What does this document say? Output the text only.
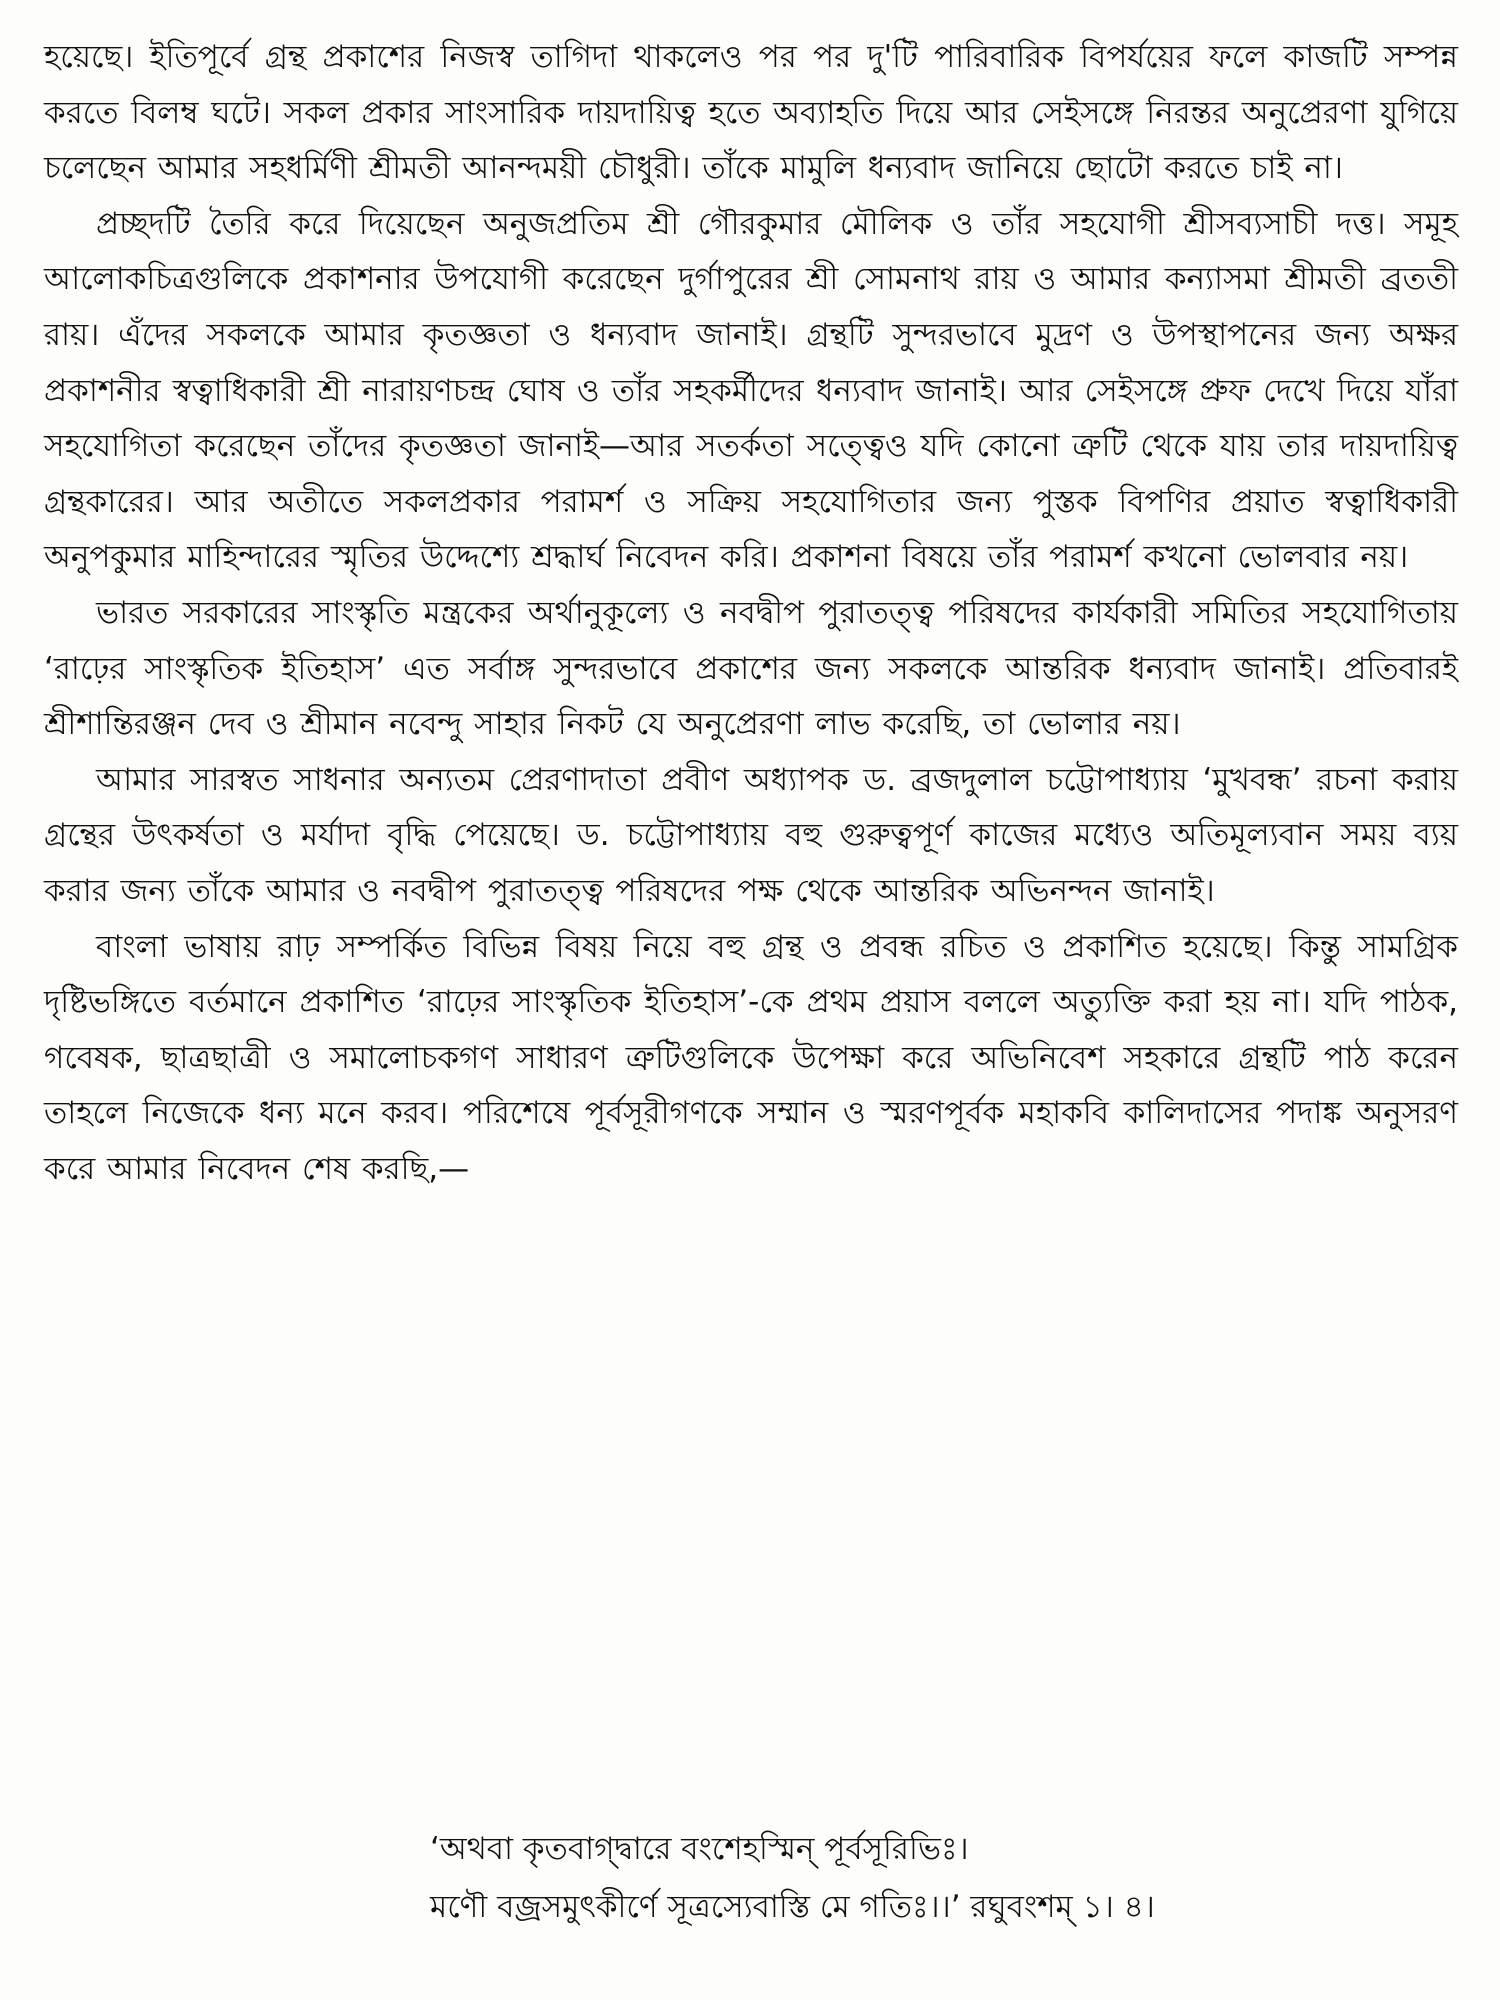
হয়েছে। ইতিপূর্বে গ্রন্থ প্রকাশের নিজস্ব তাগিদা থাকলেও পর পর দু'টি পারিবারিক বিপর্যয়ের ফলে কাজটি সম্পন্ন করতে বিলম্ব ঘটে। সকল প্রকার সাংসারিক দায়দায়িত্ব হতে অব্যাহতি দিয়ে আর সেইসঙ্গে নিরন্তর অনুপ্রেরণা যুগিয়ে চলেছেন আমার সহধর্মিণী শ্রীমতী আনন্দময়ী চৌধুরী। তাঁকে মামুলি ধন্যবাদ জানিয়ে ছোটো করতে চাই না।

প্রচ্ছদটি তৈরি করে দিয়েছেন অনুজপ্রতিম শ্রী গৌরকুমার মৌলিক ও তাঁর সহযোগী শ্রীসব্যসাচী দত্ত। সমূহ আলোকচিত্রগুলিকে প্রকাশনার উপযোগী করেছেন দুর্গাপুরের শ্রী সোমনাথ রায় ও আমার কন্যাসমা শ্রীমতী ব্রততী রায়। এঁদের সকলকে আমার কৃতজ্ঞতা ও ধন্যবাদ জানাই। গ্রন্থটি সুন্দরভাবে মুদ্রণ ও উপস্থাপনের জন্য অক্ষর প্রকাশনীর স্বত্বাধিকারী শ্রী নারায়ণচন্দ্র ঘোষ ও তাঁর সহকর্মীদের ধন্যবাদ জানাই। আর সেইসঙ্গে প্রুফ দেখে দিয়ে যাঁরা সহযোগিতা করেছেন তাঁদের কৃতজ্ঞতা জানাই—আর সতর্কতা সত্ত্বেও যদি কোনো ত্রুটি থেকে যায় তার দায়দায়িত্ব গ্রন্থকারের। আর অতীতে সকলপ্রকার পরামর্শ ও সক্রিয় সহযোগিতার জন্য পুস্তক বিপণির প্রয়াত স্বত্বাধিকারী অনুপকুমার মাহিন্দারের স্মৃতির উদ্দেশ্যে শ্রদ্ধার্ঘ নিবেদন করি। প্রকাশনা বিষয়ে তাঁর পরামর্শ কখনো ভোলবার নয়।

ভারত সরকারের সাংস্কৃতি মন্ত্রকের অর্থানুকূল্যে ও নবদ্বীপ পুরাতত্ত্ব পরিষদের কার্যকারী সমিতির সহযোগিতায় ‘রাঢ়ের সাংস্কৃতিক ইতিহাস’ এত সর্বাঙ্গ সুন্দরভাবে প্রকাশের জন্য সকলকে আন্তরিক ধন্যবাদ জানাই। প্রতিবারই শ্রীশান্তিরঞ্জন দেব ও শ্রীমান নবেন্দু সাহার নিকট যে অনুপ্রেরণা লাভ করেছি, তা ভোলার নয়।

আমার সারস্বত সাধনার অন্যতম প্রেরণাদাতা প্রবীণ অধ্যাপক ড. ব্রজদুলাল চট্টোপাধ্যায় ‘মুখবন্ধ’ রচনা করায় গ্রন্থের উৎকর্ষতা ও মর্যাদা বৃদ্ধি পেয়েছে। ড. চট্টোপাধ্যায় বহু গুরুত্বপূর্ণ কাজের মধ্যেও অতিমূল্যবান সময় ব্যয় করার জন্য তাঁকে আমার ও নবদ্বীপ পুরাতত্ত্ব পরিষদের পক্ষ থেকে আন্তরিক অভিনন্দন জানাই।

বাংলা ভাষায় রাঢ় সম্পর্কিত বিভিন্ন বিষয় নিয়ে বহু গ্রন্থ ও প্রবন্ধ রচিত ও প্রকাশিত হয়েছে। কিন্তু সামগ্রিক দৃষ্টিভঙ্গিতে বর্তমানে প্রকাশিত ‘রাঢ়ের সাংস্কৃতিক ইতিহাস’-কে প্রথম প্রয়াস বললে অত্যুক্তি করা হয় না। যদি পাঠক, গবেষক, ছাত্রছাত্রী ও সমালোচকগণ সাধারণ ত্রুটিগুলিকে উপেক্ষা করে অভিনিবেশ সহকারে গ্রন্থটি পাঠ করেন তাহলে নিজেকে ধন্য মনে করব। পরিশেষে পূর্বসূরীগণকে সম্মান ও স্মরণপূর্বক মহাকবি কালিদাসের পদাঙ্ক অনুসরণ করে আমার নিবেদন শেষ করছি,—

‘অথবা কৃতবাগ্‌দ্বারে বংশেহস্মিন্‌ পূর্বসূরিভিঃ।
মণৌ বজ্রসমুৎকীর্ণে সূত্রস্যেবাস্তি মে গতিঃ।।’ রঘুবংশম্‌ ১। ৪।
